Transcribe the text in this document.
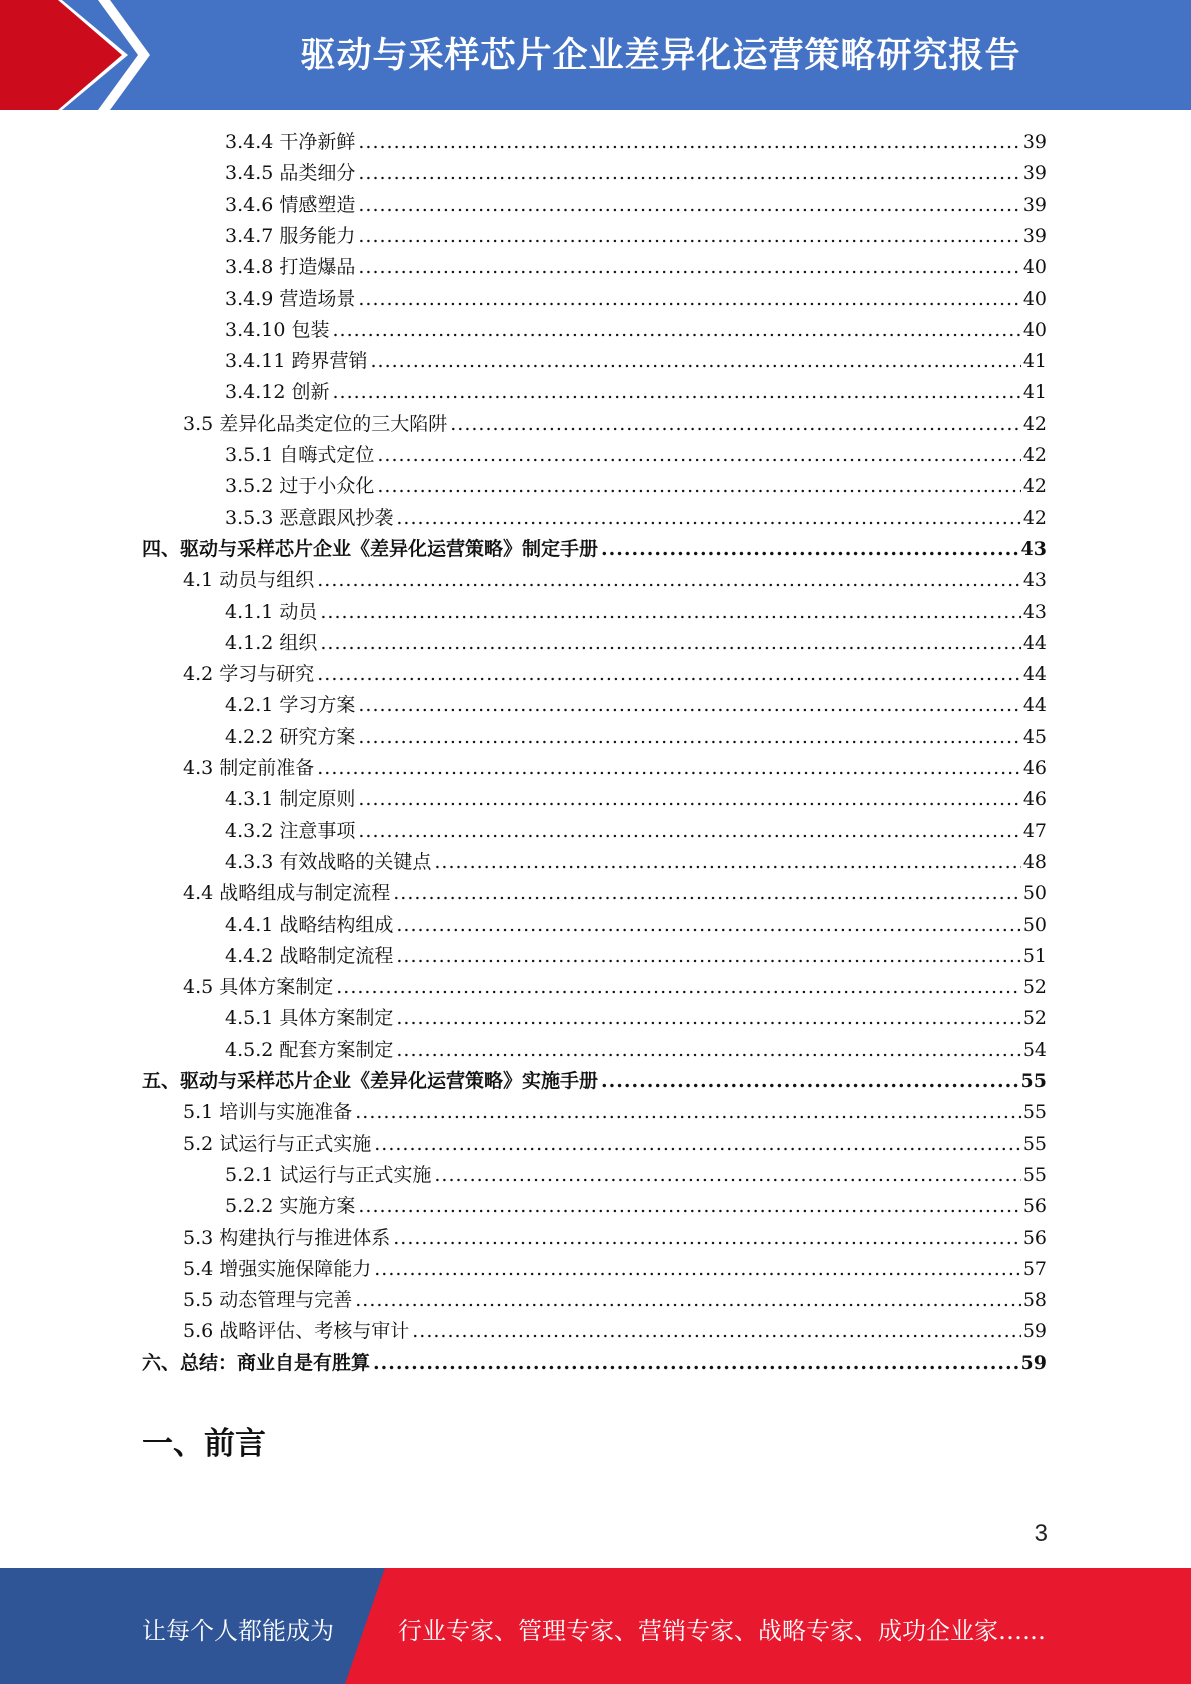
驱动与采样芯片企业差异化运营策略研究报告
3.4.4 干净新鲜 .....	39
3.4.5 品类细分 .....	39
3.4.6 情感塑造 .....	39
3.4.7 服务能力 .....	39
3.4.8 打造爆品 .....	40
3.4.9 营造场景 .....	40
3.4.10 包装 .....	40
3.4.11 跨界营销 .....	41
3.4.12 创新 .....	41
3.5 差异化品类定位的三大陷阱 .....	42
3.5.1 自嗨式定位 .....	42
3.5.2 过于小众化 .....	42
3.5.3 恶意跟风抄袭 .....	42
四、驱动与采样芯片企业《差异化运营策略》制定手册 .....	43
4.1 动员与组织 .....	43
4.1.1 动员 .....	43
4.1.2 组织 .....	44
4.2 学习与研究 .....	44
4.2.1 学习方案 .....	44
4.2.2 研究方案 .....	45
4.3 制定前准备 .....	46
4.3.1 制定原则 .....	46
4.3.2 注意事项 .....	47
4.3.3 有效战略的关键点 .....	48
4.4 战略组成与制定流程 .....	50
4.4.1 战略结构组成 .....	50
4.4.2 战略制定流程 .....	51
4.5 具体方案制定 .....	52
4.5.1 具体方案制定 .....	52
4.5.2 配套方案制定 .....	54
五、驱动与采样芯片企业《差异化运营策略》实施手册 .....	55
5.1 培训与实施准备 .....	55
5.2 试运行与正式实施 .....	55
5.2.1 试运行与正式实施 .....	55
5.2.2 实施方案 .....	56
5.3 构建执行与推进体系 .....	56
5.4 增强实施保障能力 .....	57
5.5 动态管理与完善 .....	58
5.6 战略评估、考核与审计 .....	59
六、总结：商业自是有胜算 .....	59
一、前言
3
让每个人都能成为	行业专家、管理专家、营销专家、战略专家、成功企业家……
